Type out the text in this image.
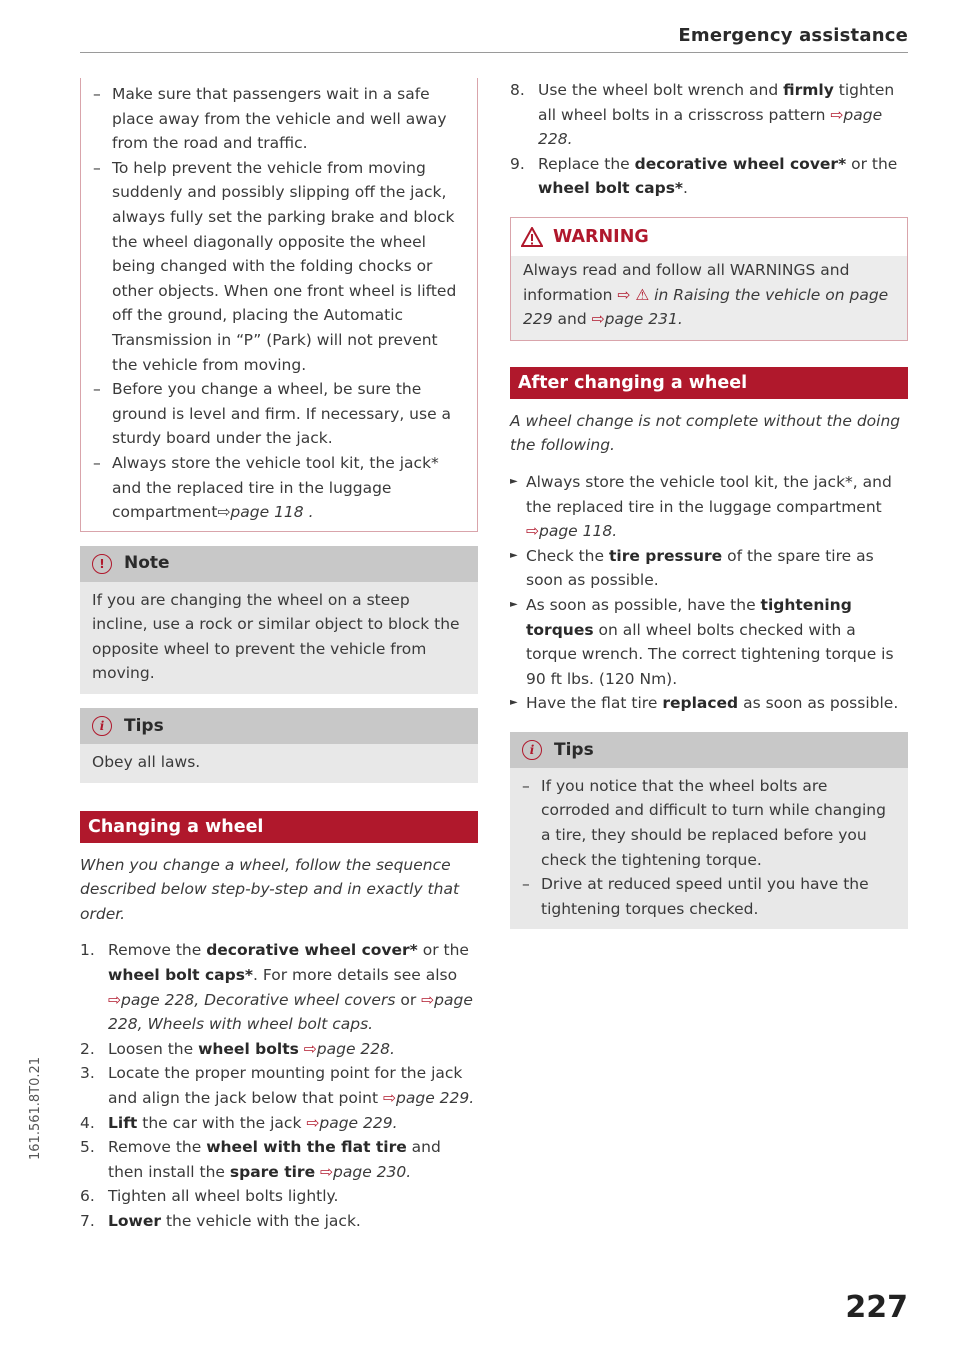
Emergency assistance
– Make sure that passengers wait in a safe place away from the vehicle and well away from the road and traffic.
– To help prevent the vehicle from moving suddenly and possibly slipping off the jack, always fully set the parking brake and block the wheel diagonally opposite the wheel being changed with the folding chocks or other objects. When one front wheel is lifted off the ground, placing the Automatic Transmission in “P” (Park) will not prevent the vehicle from moving.
– Before you change a wheel, be sure the ground is level and firm. If necessary, use a sturdy board under the jack.
– Always store the vehicle tool kit, the jack* and the replaced tire in the luggage compartment⇨page 118 .
!	Note
If you are changing the wheel on a steep incline, use a rock or similar object to block the opposite wheel to prevent the vehicle from moving.
i	Tips
Obey all laws.
Changing a wheel
When you change a wheel, follow the sequence described below step-by-step and in exactly that order.
1. Remove the decorative wheel cover* or the wheel bolt caps*. For more details see also ⇨page 228, Decorative wheel covers or ⇨page 228, Wheels with wheel bolt caps.
2. Loosen the wheel bolts ⇨page 228.
3. Locate the proper mounting point for the jack and align the jack below that point ⇨page 229.
4. Lift the car with the jack ⇨page 229.
5. Remove the wheel with the flat tire and then install the spare tire ⇨page 230.
6. Tighten all wheel bolts lightly.
7. Lower the vehicle with the jack.
8. Use the wheel bolt wrench and firmly tighten all wheel bolts in a crisscross pattern ⇨page 228.
9. Replace the decorative wheel cover* or the wheel bolt caps*.
WARNING
Always read and follow all WARNINGS and information ⇨ ⚠ in Raising the vehicle on page 229 and ⇨page 231.
After changing a wheel
A wheel change is not complete without the doing the following.
► Always store the vehicle tool kit, the jack*, and the replaced tire in the luggage compartment ⇨page 118.
► Check the tire pressure of the spare tire as soon as possible.
► As soon as possible, have the tightening torques on all wheel bolts checked with a torque wrench. The correct tightening torque is 90 ft lbs. (120 Nm).
► Have the flat tire replaced as soon as possible.
i	Tips
– If you notice that the wheel bolts are corroded and difficult to turn while changing a tire, they should be replaced before you check the tightening torque.
– Drive at reduced speed until you have the tightening torques checked.
161.561.8T0.21
227
